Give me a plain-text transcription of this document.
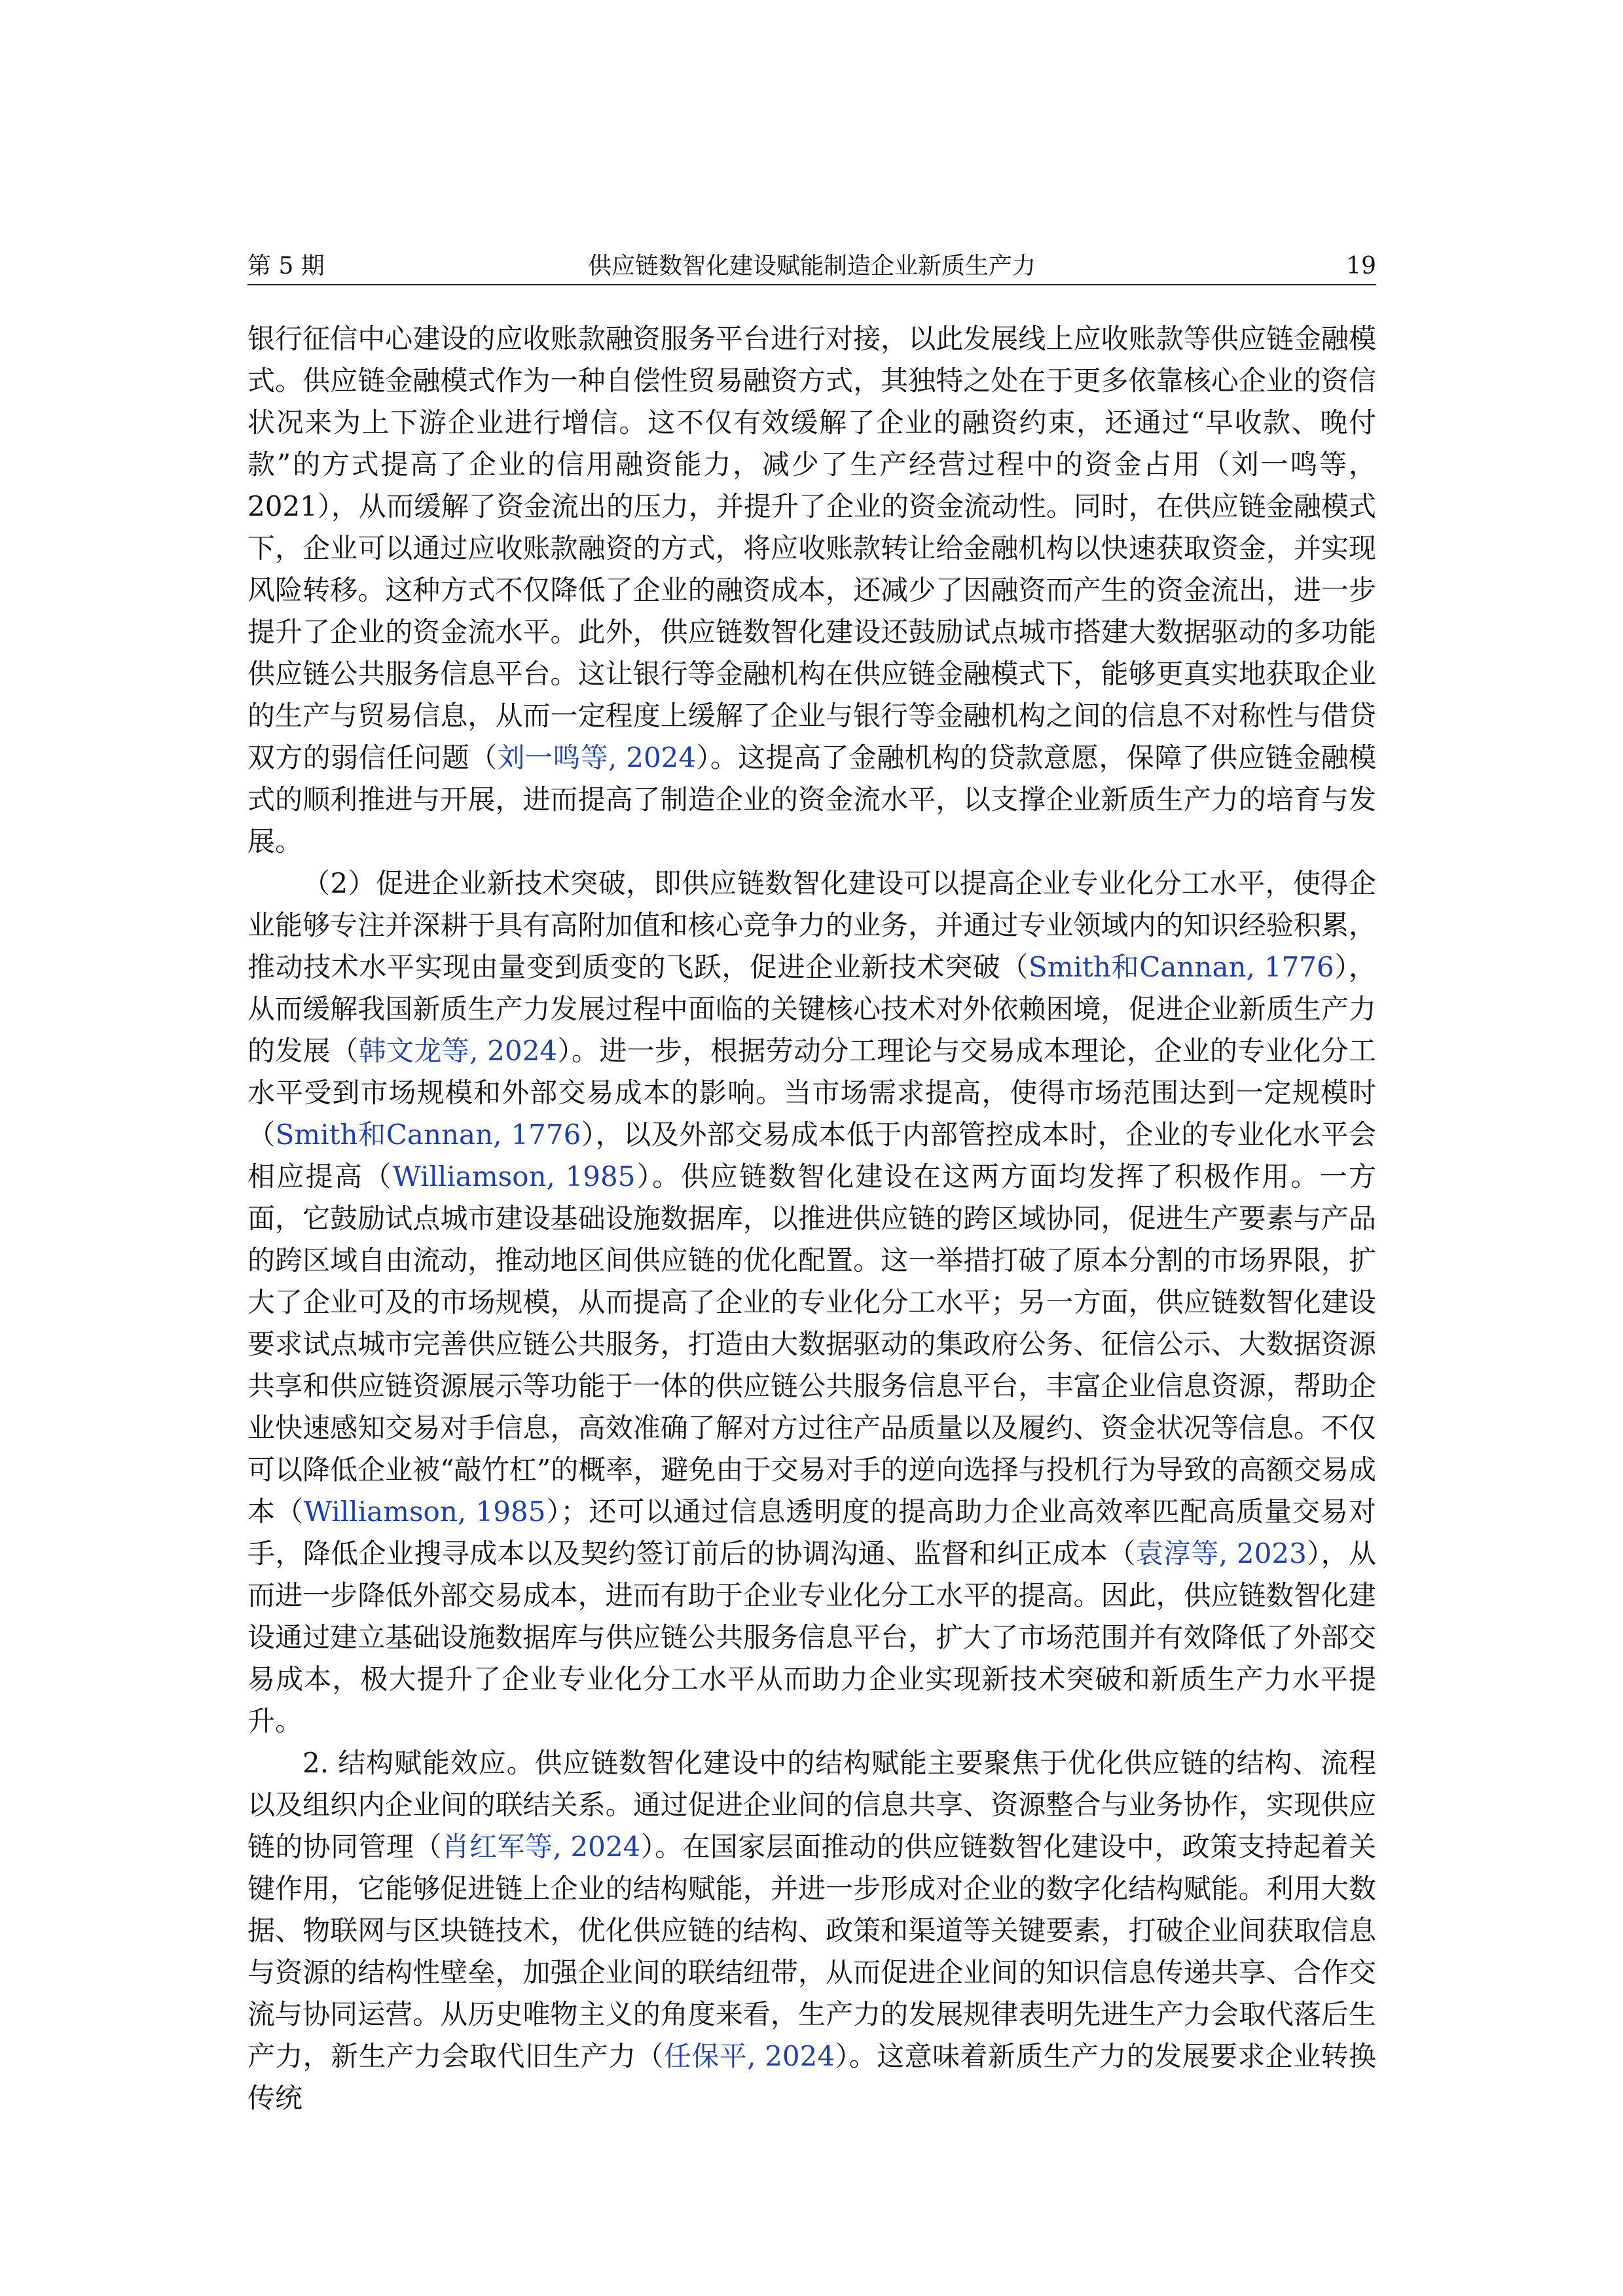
第 5 期	供应链数智化建设赋能制造企业新质生产力	19

银行征信中心建设的应收账款融资服务平台进行对接，以此发展线上应收账款等供应链金融模式。供应链金融模式作为一种自偿性贸易融资方式，其独特之处在于更多依靠核心企业的资信状况来为上下游企业进行增信。这不仅有效缓解了企业的融资约束，还通过“早收款、晚付款”的方式提高了企业的信用融资能力，减少了生产经营过程中的资金占用（刘一鸣等，2021），从而缓解了资金流出的压力，并提升了企业的资金流动性。同时，在供应链金融模式下，企业可以通过应收账款融资的方式，将应收账款转让给金融机构以快速获取资金，并实现风险转移。这种方式不仅降低了企业的融资成本，还减少了因融资而产生的资金流出，进一步提升了企业的资金流水平。此外，供应链数智化建设还鼓励试点城市搭建大数据驱动的多功能供应链公共服务信息平台。这让银行等金融机构在供应链金融模式下，能够更真实地获取企业的生产与贸易信息，从而一定程度上缓解了企业与银行等金融机构之间的信息不对称性与借贷双方的弱信任问题（刘一鸣等, 2024）。这提高了金融机构的贷款意愿，保障了供应链金融模式的顺利推进与开展，进而提高了制造企业的资金流水平，以支撑企业新质生产力的培育与发展。

（2）促进企业新技术突破，即供应链数智化建设可以提高企业专业化分工水平，使得企业能够专注并深耕于具有高附加值和核心竞争力的业务，并通过专业领域内的知识经验积累，推动技术水平实现由量变到质变的飞跃，促进企业新技术突破（Smith和Cannan, 1776），从而缓解我国新质生产力发展过程中面临的关键核心技术对外依赖困境，促进企业新质生产力的发展（韩文龙等, 2024）。进一步，根据劳动分工理论与交易成本理论，企业的专业化分工水平受到市场规模和外部交易成本的影响。当市场需求提高，使得市场范围达到一定规模时（Smith和Cannan, 1776），以及外部交易成本低于内部管控成本时，企业的专业化水平会相应提高（Williamson, 1985）。供应链数智化建设在这两方面均发挥了积极作用。一方面，它鼓励试点城市建设基础设施数据库，以推进供应链的跨区域协同，促进生产要素与产品的跨区域自由流动，推动地区间供应链的优化配置。这一举措打破了原本分割的市场界限，扩大了企业可及的市场规模，从而提高了企业的专业化分工水平；另一方面，供应链数智化建设要求试点城市完善供应链公共服务，打造由大数据驱动的集政府公务、征信公示、大数据资源共享和供应链资源展示等功能于一体的供应链公共服务信息平台，丰富企业信息资源，帮助企业快速感知交易对手信息，高效准确了解对方过往产品质量以及履约、资金状况等信息。不仅可以降低企业被“敲竹杠”的概率，避免由于交易对手的逆向选择与投机行为导致的高额交易成本（Williamson, 1985）；还可以通过信息透明度的提高助力企业高效率匹配高质量交易对手，降低企业搜寻成本以及契约签订前后的协调沟通、监督和纠正成本（袁淳等, 2023），从而进一步降低外部交易成本，进而有助于企业专业化分工水平的提高。因此，供应链数智化建设通过建立基础设施数据库与供应链公共服务信息平台，扩大了市场范围并有效降低了外部交易成本，极大提升了企业专业化分工水平从而助力企业实现新技术突破和新质生产力水平提升。

2. 结构赋能效应。供应链数智化建设中的结构赋能主要聚焦于优化供应链的结构、流程以及组织内企业间的联结关系。通过促进企业间的信息共享、资源整合与业务协作，实现供应链的协同管理（肖红军等, 2024）。在国家层面推动的供应链数智化建设中，政策支持起着关键作用，它能够促进链上企业的结构赋能，并进一步形成对企业的数字化结构赋能。利用大数据、物联网与区块链技术，优化供应链的结构、政策和渠道等关键要素，打破企业间获取信息与资源的结构性壁垒，加强企业间的联结纽带，从而促进企业间的知识信息传递共享、合作交流与协同运营。从历史唯物主义的角度来看，生产力的发展规律表明先进生产力会取代落后生产力，新生产力会取代旧生产力（任保平, 2024）。这意味着新质生产力的发展要求企业转换传统
